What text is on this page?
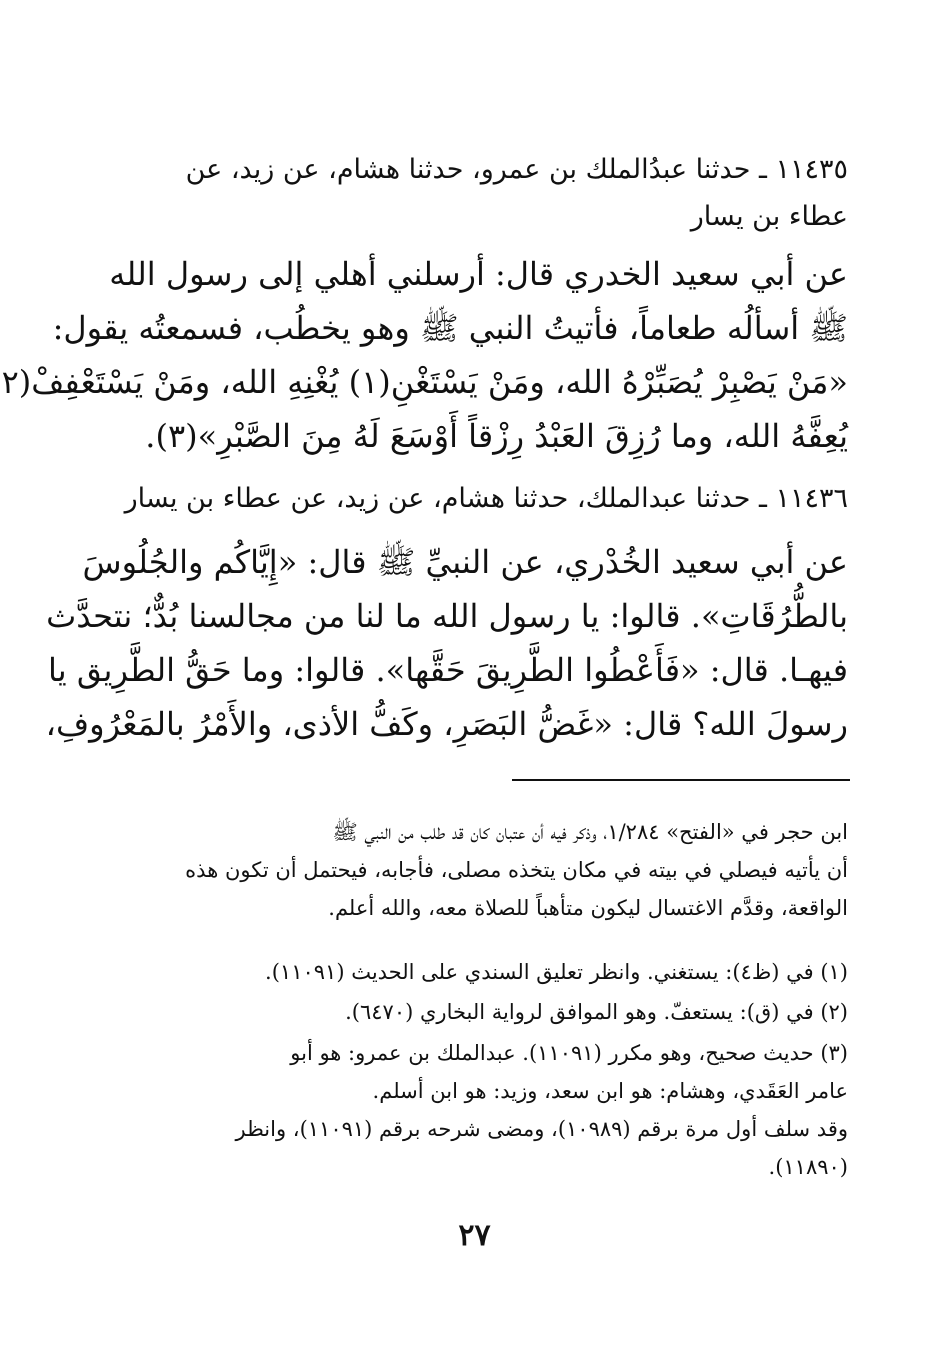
١١٤٣٥ ـ حدثنا عبدُالملك بن عمرو، حدثنا هشام، عن زيد، عن
عطاء بن يسار
عن أبي سعيد الخدري قال: أرسلني أهلي إلى رسول الله
ﷺ أسألُه طعاماً، فأتيتُ النبي ﷺ وهو يخطُب، فسمعتُه يقول:
«مَنْ يَصْبِرْ يُصَبِّرْهُ الله، ومَنْ يَسْتَغْنِ(١) يُغْنِهِ الله، ومَنْ يَسْتَعْفِفْ(٢
يُعِفَّهُ الله، وما رُزِقَ العَبْدُ رِزْقاً أَوْسَعَ لَهُ مِنَ الصَّبْرِ»(٣).
١١٤٣٦ ـ حدثنا عبدالملك، حدثنا هشام، عن زيد، عن عطاء بن يسار
عن أبي سعيد الخُدْري، عن النبيِّ ﷺ قال: «إِيَّاكُم والجُلُوسَ
بالطُّرُقَاتِ». قالوا: يا رسول الله ما لنا من مجالسنا بُدٌّ؛ نتحدَّث
فيهـا. قال: «فَأَعْطُوا الطَّرِيقَ حَقَّها». قالوا: وما حَقُّ الطَّرِيق يا
رسولَ الله؟ قال: «غَضُّ البَصَرِ، وكَفُّ الأذى، والأَمْرُ بالمَعْرُوفِ،
ابن حجر في «الفتح» ١/٢٨٤، وذكر فيه أن عتبان كان قد طلب من النبي ﷺ
أن يأتيه فيصلي في بيته في مكان يتخذه مصلى، فأجابه، فيحتمل أن تكون هذه
الواقعة، وقدَّم الاغتسال ليكون متأهباً للصلاة معه، والله أعلم.
(١) في (ظ٤): يستغني. وانظر تعليق السندي على الحديث (١١٠٩١).
(٢) في (ق): يستعفّ. وهو الموافق لرواية البخاري (٦٤٧٠).
(٣) حديث صحيح، وهو مكرر (١١٠٩١). عبدالملك بن عمرو: هو أبو
عامر العَقَدي، وهشام: هو ابن سعد، وزيد: هو ابن أسلم.
وقد سلف أول مرة برقم (١٠٩٨٩)، ومضى شرحه برقم (١١٠٩١)، وانظر
(١١٨٩٠).
٢٧
